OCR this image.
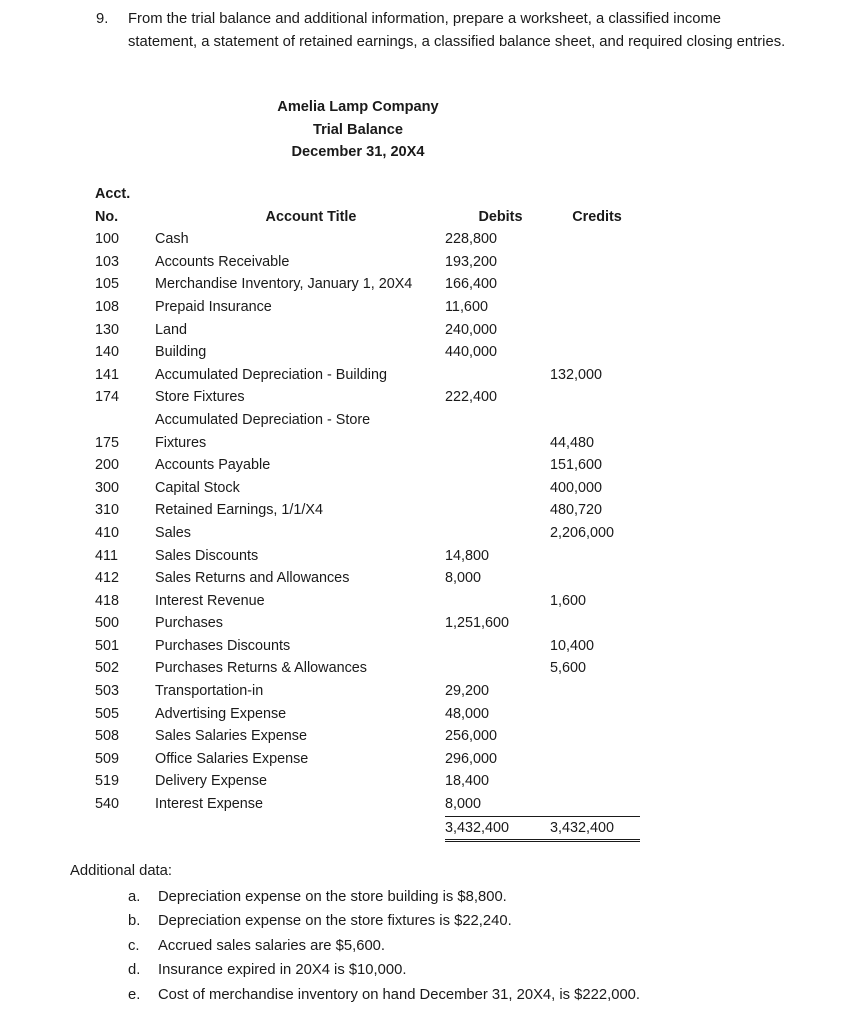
9.	From the trial balance and additional information, prepare a worksheet, a classified income statement, a statement of retained earnings, a classified balance sheet, and required closing entries.
Amelia Lamp Company
Trial Balance
December 31, 20X4
Acct.			
No.	Account Title	Debits	Credits
100	Cash	228,800	
103	Accounts Receivable	193,200	
105	Merchandise Inventory, January 1, 20X4	166,400	
108	Prepaid Insurance	11,600	
130	Land	240,000	
140	Building	440,000	
141	Accumulated Depreciation - Building		132,000
174	Store Fixtures	222,400	
	Accumulated Depreciation - Store		
175	Fixtures		44,480
200	Accounts Payable		151,600
300	Capital Stock		400,000
310	Retained Earnings, 1/1/X4		480,720
410	Sales		2,206,000
411	Sales Discounts	14,800	
412	Sales Returns and Allowances	8,000	
418	Interest Revenue		1,600
500	Purchases	1,251,600	
501	Purchases Discounts		10,400
502	Purchases Returns & Allowances		5,600
503	Transportation-in	29,200	
505	Advertising Expense	48,000	
508	Sales Salaries Expense	256,000	
509	Office Salaries Expense	296,000	
519	Delivery Expense	18,400	
540	Interest Expense	8,000	
		3,432,400	3,432,400
Additional data:
a.	Depreciation expense on the store building is $8,800.
b.	Depreciation expense on the store fixtures is $22,240.
c.	Accrued sales salaries are $5,600.
d.	Insurance expired in 20X4 is $10,000.
e.	Cost of merchandise inventory on hand December 31, 20X4, is $222,000.
